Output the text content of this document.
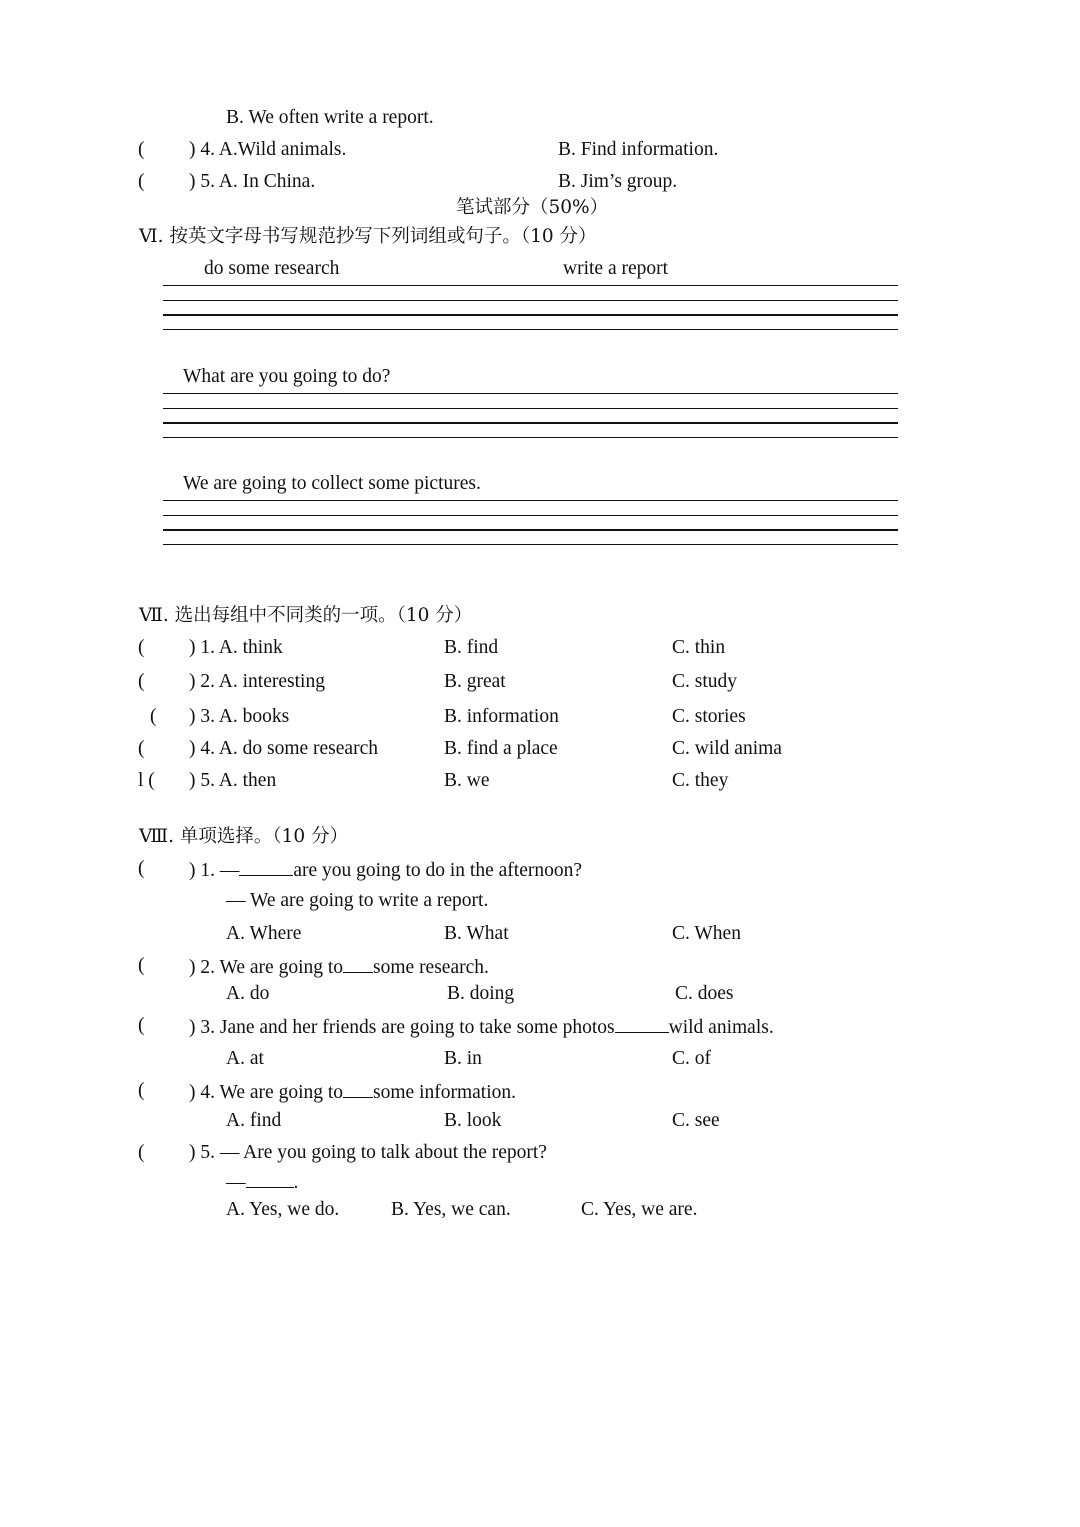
B. We often write a report.
( ) 4. A.Wild animals.	B. Find information.
( ) 5. A. In China.	B. Jim’s group.
笔试部分（50%）
Ⅵ. 按英文字母书写规范抄写下列词组或句子。（10 分）
do some research	write a report
What are you going to do?
We are going to collect some pictures.
Ⅶ. 选出每组中不同类的一项。（10 分）
( ) 1. A. think	B. find	C. thin
( ) 2. A. interesting	B. great	C. study
( ) 3. A. books	B. information	C. stories
( ) 4. A. do some research	B. find a place	C. wild anima
l ( ) 5. A. then	B. we	C. they
Ⅷ. 单项选择。（10 分）
( ) 1. —	are you going to do in the afternoon?
— We are going to write a report.
A. Where	B. What	C. When
( ) 2. We are going to some research.
A. do	B. doing	C. does
( ) 3. Jane and her friends are going to take some photos	wild animals.
A. at	B. in	C. of
( ) 4. We are going to some information.
A. find	B. look	C. see
( ) 5. — Are you going to talk about the report?
— .
A. Yes, we do.	B. Yes, we can.	C. Yes, we are.
